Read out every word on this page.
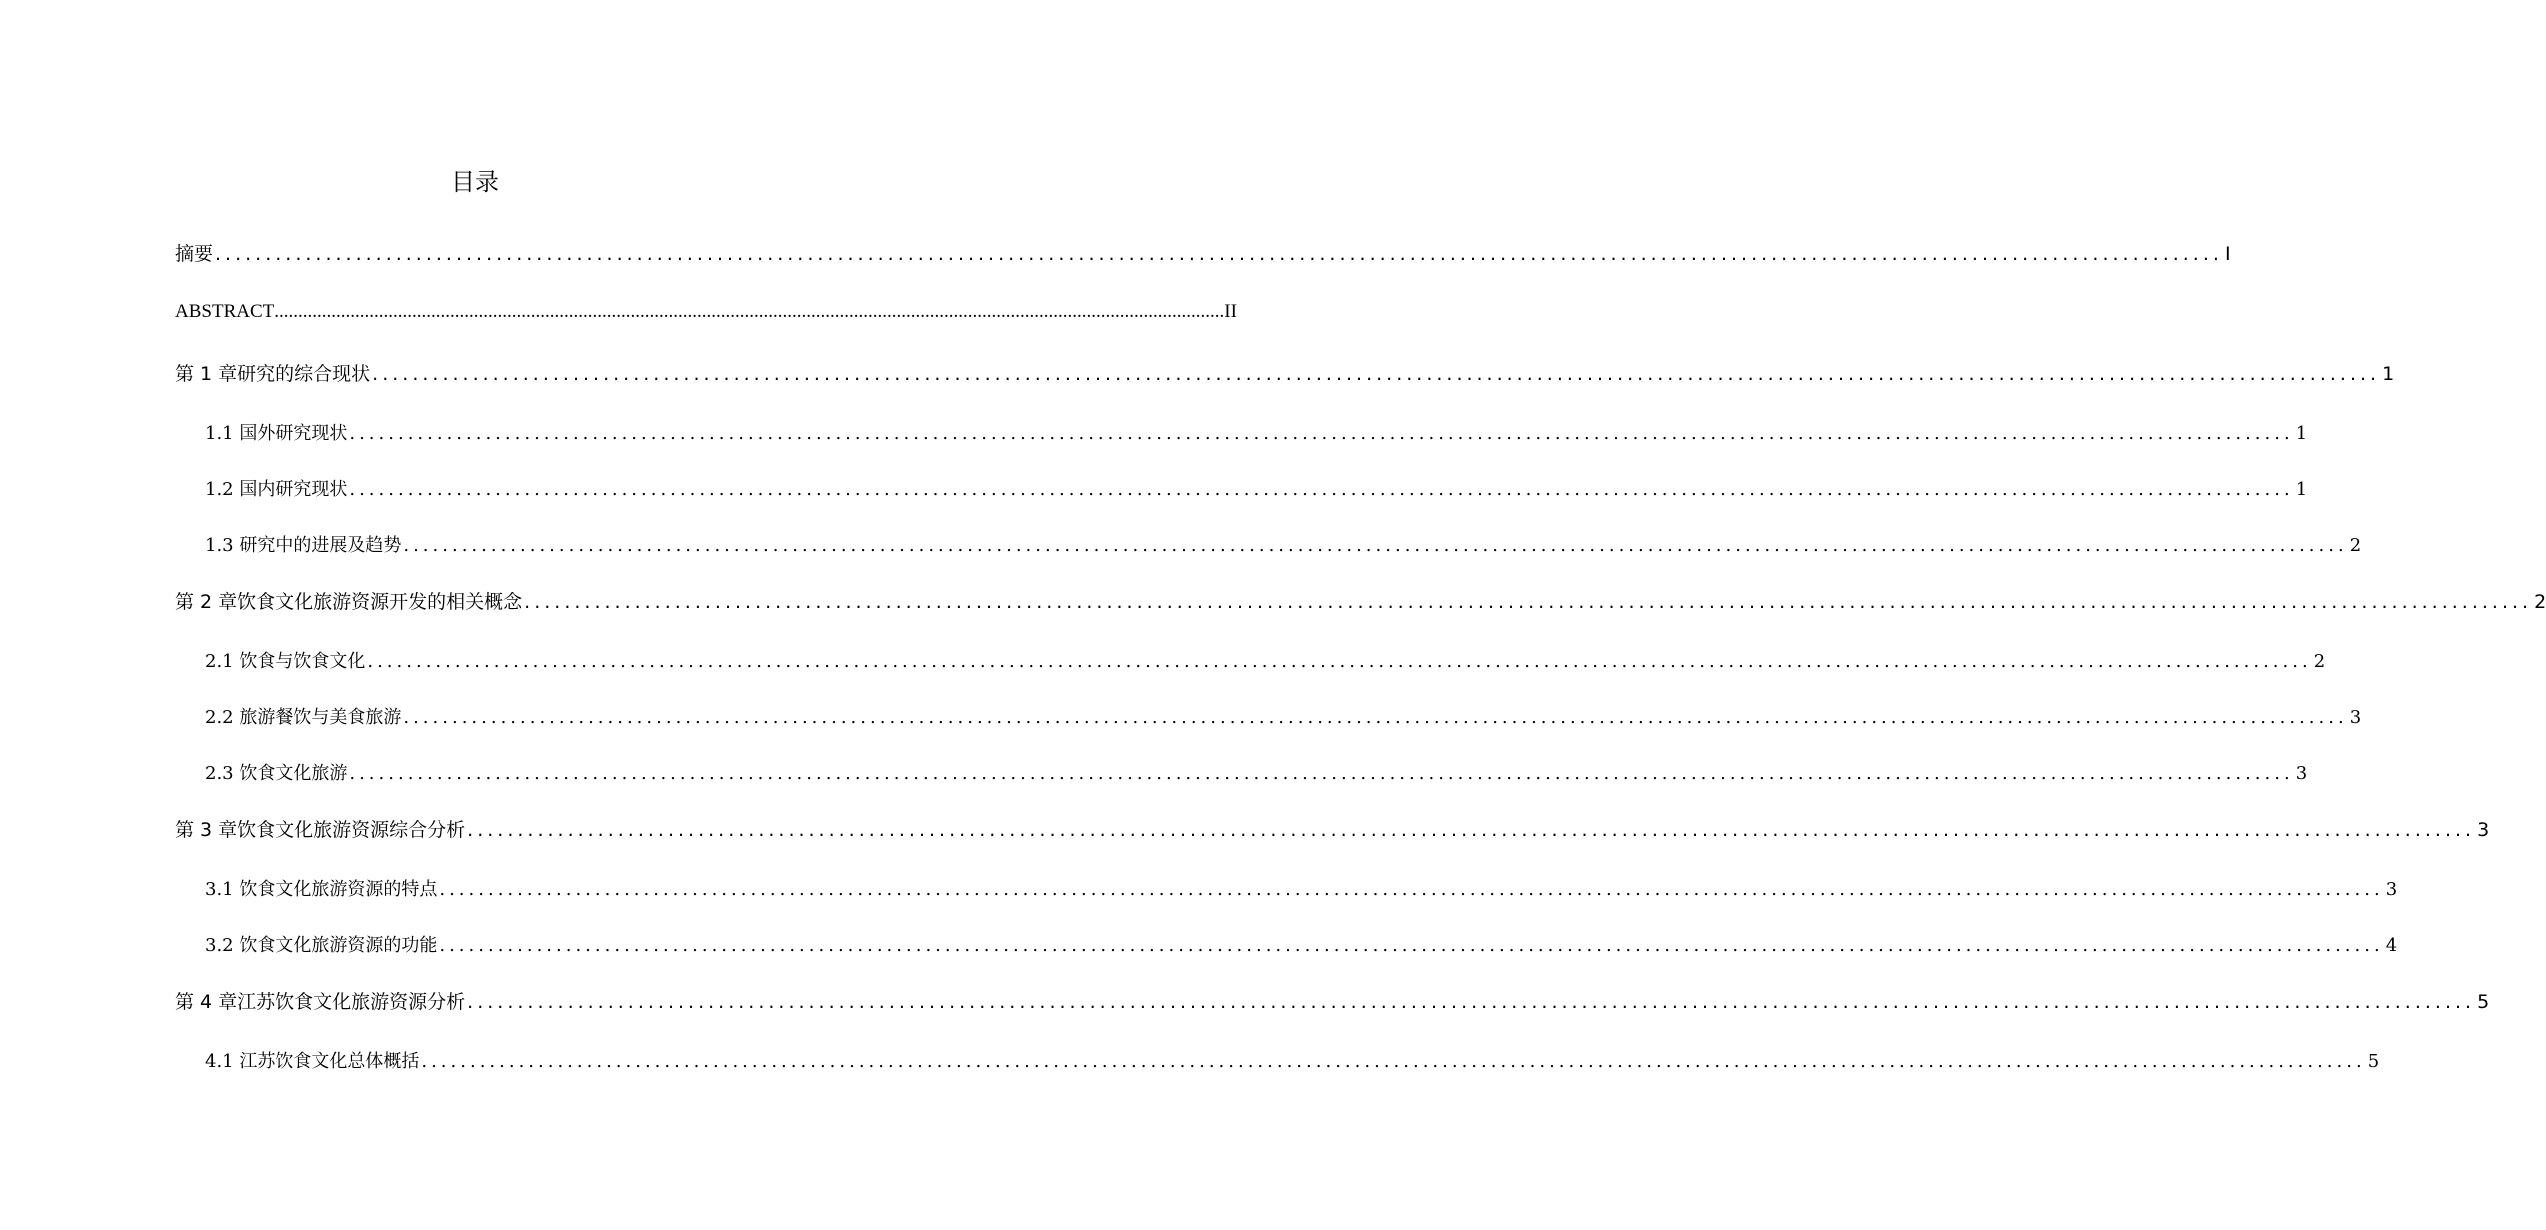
目录
摘要 ........................................................................................................................................................................................................ I
ABSTRACT ........................................................................................................................................................................................................ II
第 1 章研究的综合现状 ........................................................................................................................................................................................................ 1
1.1 国外研究现状 ........................................................................................................................................................................................................ 1
1.2 国内研究现状 ........................................................................................................................................................................................................ 1
1.3 研究中的进展及趋势 ........................................................................................................................................................................................................ 2
第 2 章饮食文化旅游资源开发的相关概念 ........................................................................................................................................................................................................ 2
2.1 饮食与饮食文化 ........................................................................................................................................................................................................ 2
2.2 旅游餐饮与美食旅游 ........................................................................................................................................................................................................ 3
2.3 饮食文化旅游 ........................................................................................................................................................................................................ 3
第 3 章饮食文化旅游资源综合分析 ........................................................................................................................................................................................................ 3
3.1 饮食文化旅游资源的特点 ........................................................................................................................................................................................................ 3
3.2 饮食文化旅游资源的功能 ........................................................................................................................................................................................................ 4
第 4 章江苏饮食文化旅游资源分析 ........................................................................................................................................................................................................ 5
4.1 江苏饮食文化总体概括 ........................................................................................................................................................................................................ 5
